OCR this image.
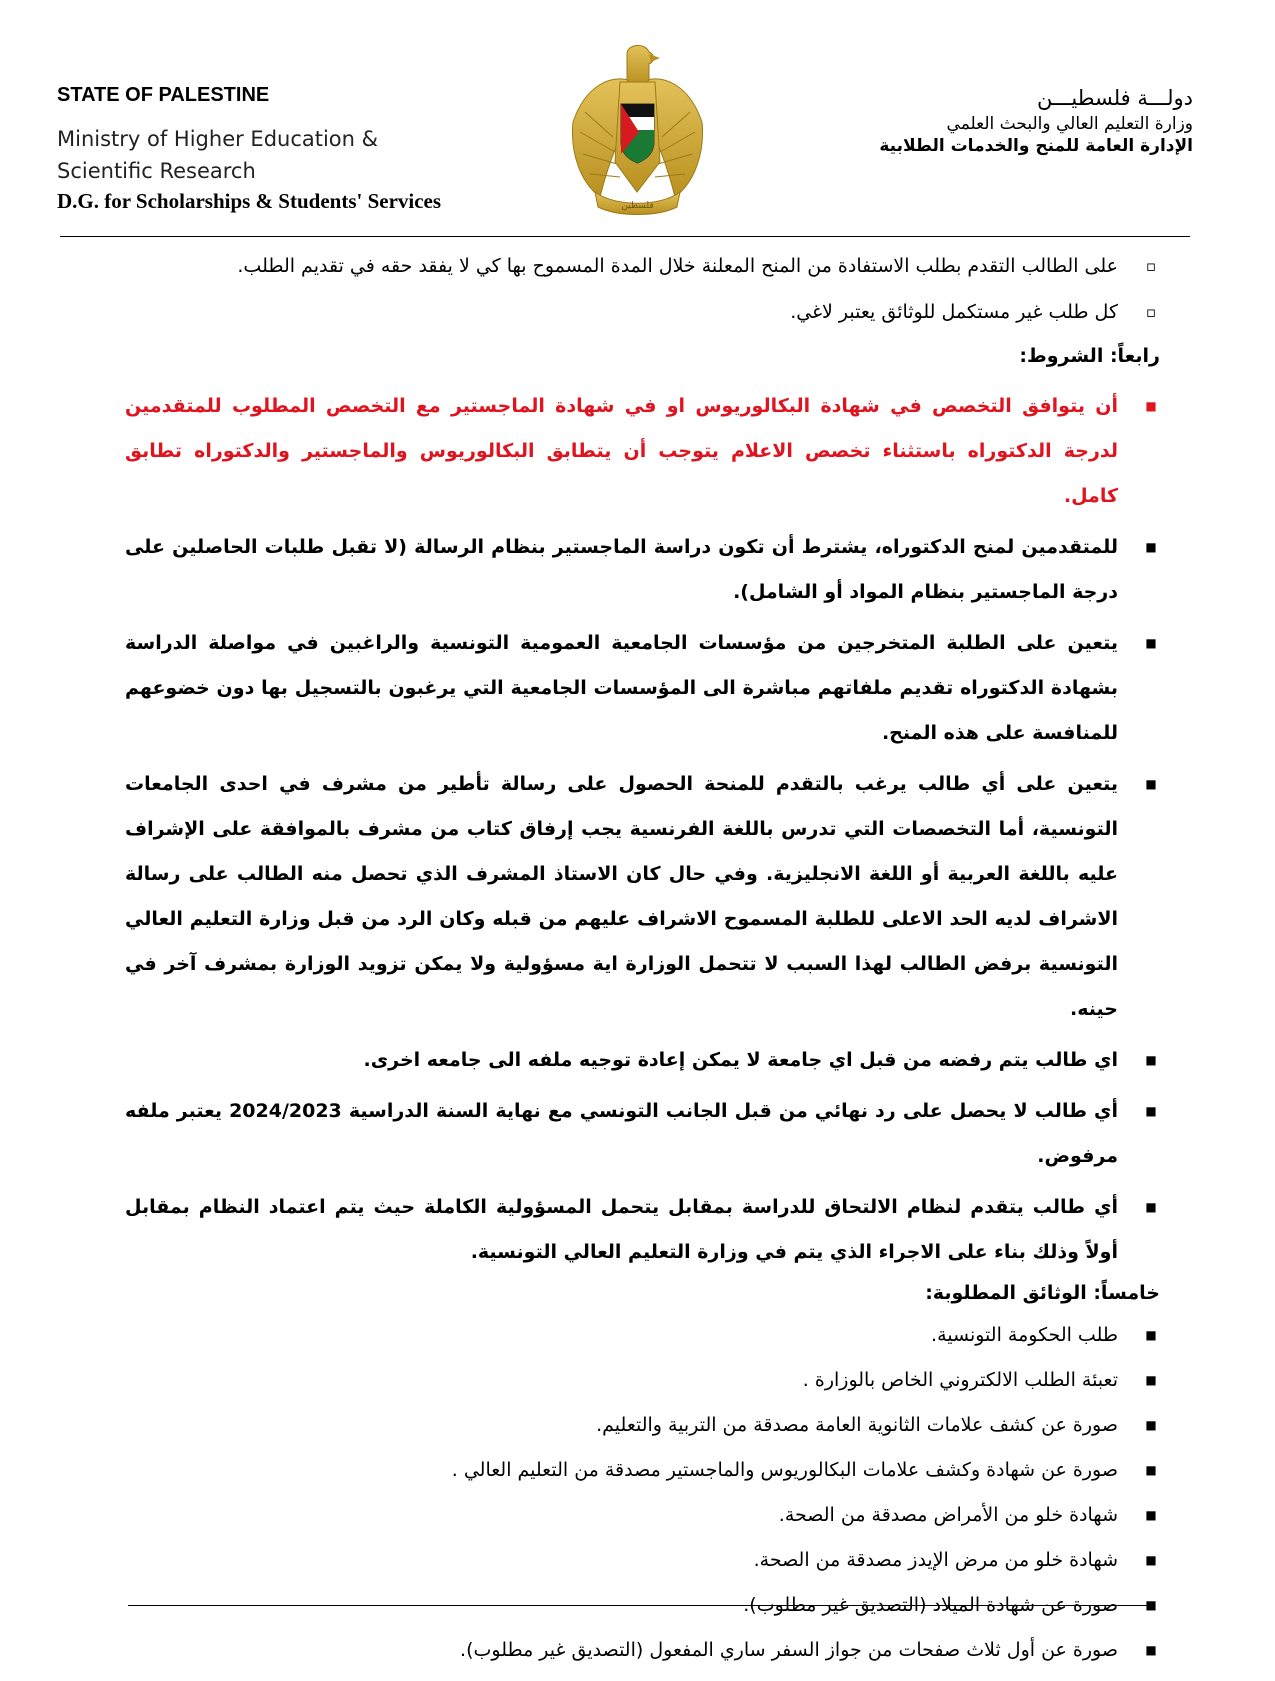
STATE OF PALESTINE
Ministry of Higher Education &
Scientific Research
D.G. for Scholarships & Students' Services	فلسطين
دولـــة فلسطيـــن
وزارة التعليم العالي والبحث العلمي
الإدارة العامة للمنح والخدمات الطلابية
▫
على الطالب التقدم بطلب الاستفادة من المنح المعلنة خلال المدة المسموح بها كي لا يفقد حقه في تقديم الطلب.
▫
كل طلب غير مستكمل للوثائق يعتبر لاغي.
رابعاً: الشروط:
■
أن يتوافق التخصص في شهادة البكالوريوس او في شهادة الماجستير مع التخصص المطلوب للمتقدمين لدرجة الدكتوراه باستثناء تخصص الاعلام يتوجب أن يتطابق البكالوريوس والماجستير والدكتوراه تطابق كامل.
■
للمتقدمين لمنح الدكتوراه، يشترط أن تكون دراسة الماجستير بنظام الرسالة (لا تقبل طلبات الحاصلين على درجة الماجستير بنظام المواد أو الشامل).
■
يتعين على الطلبة المتخرجين من مؤسسات الجامعية العمومية التونسية والراغبين في مواصلة الدراسة بشهادة الدكتوراه تقديم ملفاتهم مباشرة الى المؤسسات الجامعية التي يرغبون بالتسجيل بها دون خضوعهم للمنافسة على هذه المنح.
■
يتعين على أي طالب يرغب بالتقدم للمنحة الحصول على رسالة تأطير من مشرف في احدى الجامعات التونسية، أما التخصصات التي تدرس باللغة الفرنسية يجب إرفاق كتاب من مشرف بالموافقة على الإشراف عليه باللغة العربية أو اللغة الانجليزية. وفي حال كان الاستاذ المشرف الذي تحصل منه الطالب على رسالة الاشراف لديه الحد الاعلى للطلبة المسموح الاشراف عليهم من قبله وكان الرد من قبل وزارة التعليم العالي التونسية برفض الطالب لهذا السبب لا تتحمل الوزارة اية مسؤولية ولا يمكن تزويد الوزارة بمشرف آخر في حينه.
■
اي طالب يتم رفضه من قبل اي جامعة لا يمكن إعادة توجيه ملفه الى جامعه اخرى.
■
أي طالب لا يحصل على رد نهائي من قبل الجانب التونسي مع نهاية السنة الدراسية 2024/2023 يعتبر ملفه مرفوض.
■
أي طالب يتقدم لنظام الالتحاق للدراسة بمقابل يتحمل المسؤولية الكاملة حيث يتم اعتماد النظام بمقابل أولاً وذلك بناء على الاجراء الذي يتم في وزارة التعليم العالي التونسية.
خامساً: الوثائق المطلوبة:
■
طلب الحكومة التونسية.
■
تعبئة الطلب الالكتروني الخاص بالوزارة .
■
صورة عن كشف علامات الثانوية العامة مصدقة من التربية والتعليم.
■
صورة عن شهادة وكشف علامات البكالوريوس والماجستير مصدقة من التعليم العالي .
■
شهادة خلو من الأمراض مصدقة من الصحة.
■
شهادة خلو من مرض الإيدز مصدقة من الصحة.
■
صورة عن شهادة الميلاد (التصديق غير مطلوب).
■
صورة عن أول ثلاث صفحات من جواز السفر ساري المفعول (التصديق غير مطلوب).
